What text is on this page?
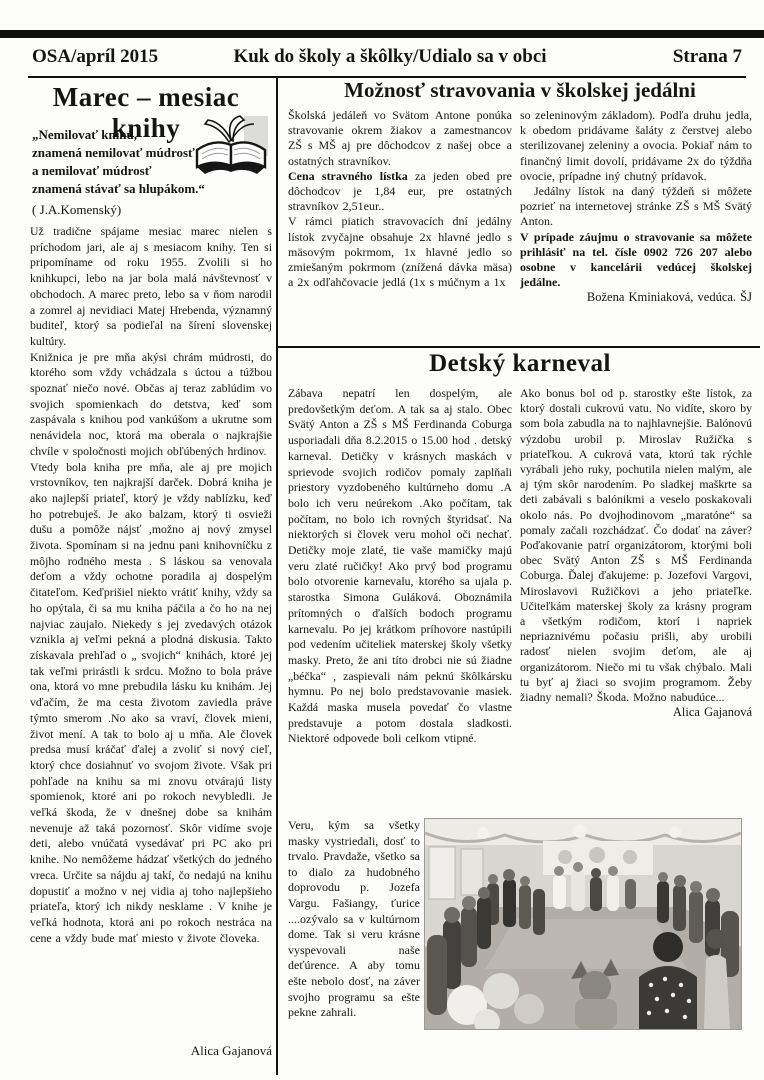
OSA/apríl 2015	Kuk do školy a škôlky/Udialo sa v obci	Strana 7
Marec – mesiac knihy
„Nemilovať knihu,
znamená nemilovať múdrosť
a nemilovať múdrosť
znamená stávať sa hlupákom.“
( J.A.Komenský)

Už tradične spájame mesiac marec nielen s príchodom jari, ale aj s mesiacom knihy. Ten si pripomíname od roku 1955. Zvolili si ho knihkupci, lebo na jar bola malá návštevnosť v obchodoch. A marec preto, lebo sa v ňom narodil a zomrel aj nevidiaci Matej Hrebenda, významný buditeľ, ktorý sa podieľal na šírení slovenskej kultúry.

Knižnica je pre mňa akýsi chrám múdrosti, do ktorého som vždy vchádzala s úctou a túžbou spoznať niečo nové. Občas aj teraz zablúdim vo svojich spomienkach do detstva, keď som zaspávala s knihou pod vankúšom a ukrutne som nenávidela noc, ktorá ma oberala o najkrajšie chvíle v spoločnosti mojich obľúbených hrdinov.

Vtedy bola kniha pre mňa, ale aj pre mojich vrstovníkov, ten najkrajší darček. Dobrá kniha je ako najlepší priateľ, ktorý je vždy nablízku, keď ho potrebuješ. Je ako balzam, ktorý ti osvieži dušu a pomôže nájsť ,možno aj nový zmysel života. Spomínam si na jednu pani knihovníčku z môjho rodného mesta . S láskou sa venovala deťom a vždy ochotne poradila aj dospelým čitateľom. Keďprišiel niekto vrátiť knihy, vždy sa ho opýtala, či sa mu kniha páčila a čo ho na nej najviac zaujalo. Niekedy s jej zvedavých otázok vznikla aj veľmi pekná a plodná diskusia. Takto získavala prehľad o „ svojich“ knihách, ktoré jej tak veľmi prirástli k srdcu. Možno to bola práve ona, ktorá vo mne prebudila lásku ku knihám. Jej vďačím, že ma cesta životom zaviedla práve týmto smerom .No ako sa vraví, človek mieni, život mení. A tak to bolo aj u mňa. Ale človek predsa musí kráčať ďalej a zvoliť si nový cieľ, ktorý chce dosiahnuť vo svojom živote. Však pri pohľade na knihu sa mi znovu otvárajú listy spomienok, ktoré ani po rokoch nevybledli. Je veľká škoda, že v dnešnej dobe sa knihám nevenuje až taká pozornosť. Skôr vidíme svoje deti, alebo vnúčatá vysedávať pri PC ako pri knihe. No nemôžeme hádzať všetkých do jedného vreca. Určite sa nájdu aj takí, čo nedajú na knihu dopustiť a možno v nej vidia aj toho najlepšieho priateľa, ktorý ich nikdy nesklame . V knihe je veľká hodnota, ktorá ani po rokoch nestráca na cene a vždy bude mať miesto v živote človeka.

Alica Gajanová
Možnosť stravovania v školskej jedálni

Školská jedáleň vo Svätom Antone ponúka stravovanie okrem žiakov a zamestnancov ZŠ s MŠ aj pre dôchodcov z našej obce a ostatných stravníkov.

Cena stravného lístka za jeden obed pre dôchodcov je 1,84 eur, pre ostatných stravníkov 2,51eur..

V rámci piatich stravovacích dní jedálny lístok zvyčajne obsahuje 2x hlavné jedlo s mäsovým pokrmom, 1x hlavné jedlo so zmiešaným pokrmom (znížená dávka mäsa) a 2x odľahčovacie jedlá (1x s múčnym a 1x

so zeleninovým základom). Podľa druhu jedla, k obedom pridávame šaláty z čerstvej alebo sterilizovanej zeleniny a ovocia. Pokiaľ nám to finančný limit dovolí, pridávame 2x do týždňa ovocie, prípadne iný chutný prídavok.

Jedálny lístok na daný týždeň si môžete pozrieť na internetovej stránke ZŠ s MŠ Svätý Anton.

V prípade záujmu o stravovanie sa môžete prihlásiť na tel. čísle 0902 726 207 alebo osobne v kancelárii vedúcej školskej jedálne.

Božena Kminiaková, vedúca. ŠJ
Detský karneval

Zábava nepatrí len dospelým, ale predovšetkým deťom. A tak sa aj stalo. Obec Svätý Anton a ZŠ s MŠ Ferdinanda Coburga usporiadali dňa 8.2.2015 o 15.00 hod . detský karneval. Detičky v krásnych maskách v sprievode svojich rodičov pomaly zaplňali priestory vyzdobeného kultúrneho domu .A bolo ich veru neúrekom .Ako počítam, tak počítam, no bolo ich rovných štyridsať. Na niektorých si človek veru mohol oči nechať. Detičky moje zlaté, tie vaše mamičky majú veru zlaté ručičky! Ako prvý bod programu bolo otvorenie karnevalu, ktorého sa ujala p. starostka Simona Guláková. Oboznámila prítomných o ďalších bodoch programu karnevalu. Po jej krátkom príhovore nastúpili pod vedením učiteliek materskej školy všetky masky. Preto, že ani títo drobci nie sú žiadne „béčka“ , zaspievali nám peknú škôlkársku hymnu. Po nej bolo predstavovanie masiek. Každá maska musela povedať čo vlastne predstavuje a potom dostala sladkosti. Niektoré odpovede boli celkom vtipné.

Veru, kým sa všetky masky vystriedali, dosť to trvalo. Pravdaže, všetko sa to dialo za hudobného doprovodu p. Jozefa Vargu. Fašiangy, ťurice ....ozývalo sa v kultúrnom dome. Tak si veru krásne vyspevovali naše deťúrence. A aby tomu ešte nebolo dosť, na záver svojho programu sa ešte pekne zahrali.

Ako bonus bol od p. starostky ešte lístok, za ktorý dostali cukrovú vatu. No vidíte, skoro by som bola zabudla na to najhlavnejšie. Balónovú výzdobu urobil p. Miroslav Ružička s priateľkou. A cukrová vata, ktorú tak rýchle vyrábali jeho ruky, pochutila nielen malým, ale aj tým skôr narodením. Po sladkej maškrte sa deti zabávali s balónikmi a veselo poskakovali okolo nás. Po dvojhodinovom „maratóne“ sa pomaly začali rozchádzať. Čo dodať na záver? Poďakovanie patrí organizátorom, ktorými boli obec Svätý Anton ZŠ s MŠ Ferdinanda Coburga. Ďalej ďakujeme: p. Jozefovi Vargovi, Miroslavovi Ružičkovi a jeho priateľke. Učiteľkám materskej školy za krásny program a všetkým rodičom, ktorí i napriek nepriaznivému počasiu prišli, aby urobili radosť nielen svojim deťom, ale aj organizátorom. Niečo mi tu však chýbalo. Mali tu byť aj žiaci so svojim programom. Žeby žiadny nemali? Škoda. Možno nabudúce...

Alica Gajanová
